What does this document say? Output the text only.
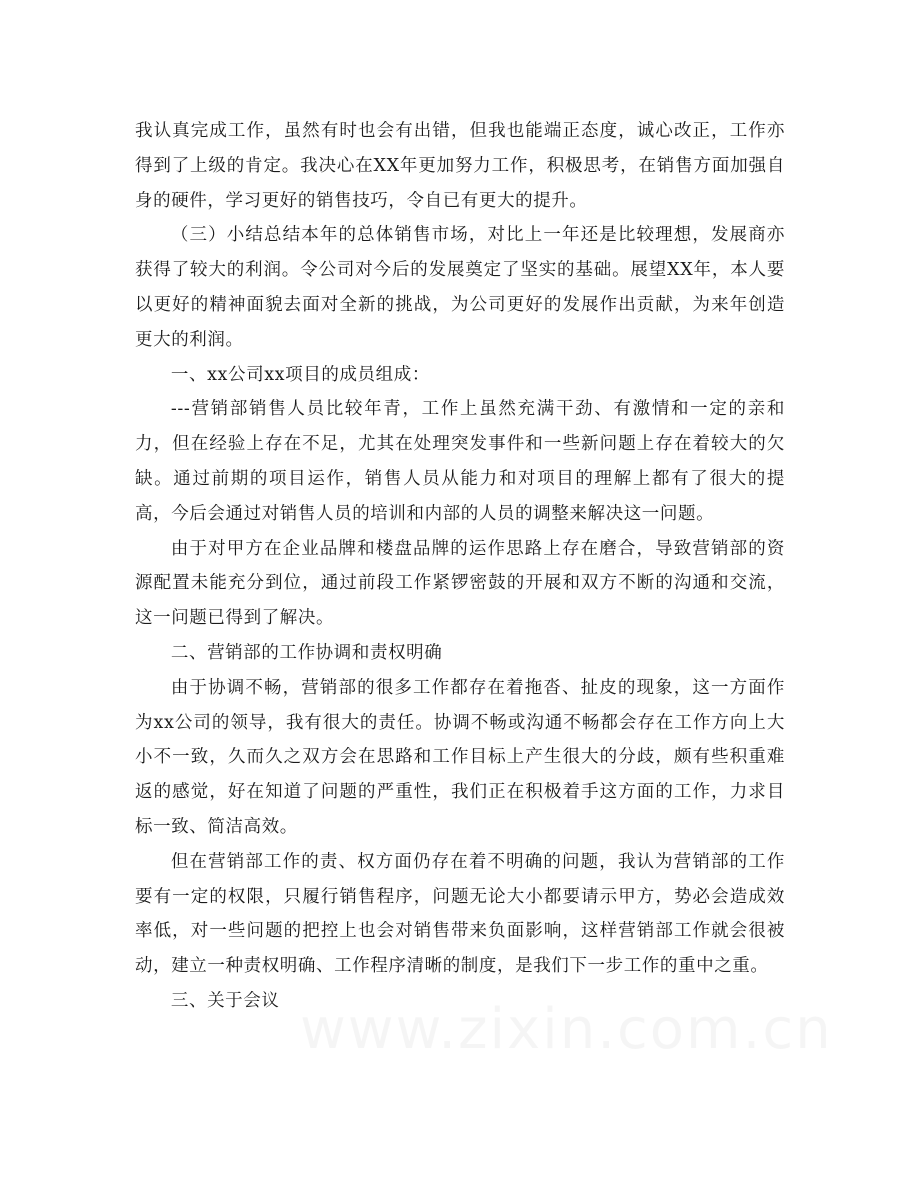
我认真完成工作，虽然有时也会有出错，但我也能端正态度，诚心改正，工作亦得到了上级的肯定。我决心在XX年更加努力工作，积极思考，在销售方面加强自身的硬件，学习更好的销售技巧，令自已有更大的提升。

（三）小结总结本年的总体销售市场，对比上一年还是比较理想，发展商亦获得了较大的利润。令公司对今后的发展奠定了坚实的基础。展望XX年，本人要以更好的精神面貌去面对全新的挑战，为公司更好的发展作出贡献，为来年创造更大的利润。

一、xx公司xx项目的成员组成：

---营销部销售人员比较年青，工作上虽然充满干劲、有激情和一定的亲和力，但在经验上存在不足，尤其在处理突发事件和一些新问题上存在着较大的欠缺。通过前期的项目运作，销售人员从能力和对项目的理解上都有了很大的提高，今后会通过对销售人员的培训和内部的人员的调整来解决这一问题。

由于对甲方在企业品牌和楼盘品牌的运作思路上存在磨合，导致营销部的资源配置未能充分到位，通过前段工作紧锣密鼓的开展和双方不断的沟通和交流，这一问题已得到了解决。

二、营销部的工作协调和责权明确

由于协调不畅，营销部的很多工作都存在着拖沓、扯皮的现象，这一方面作为xx公司的领导，我有很大的责任。协调不畅或沟通不畅都会存在工作方向上大小不一致，久而久之双方会在思路和工作目标上产生很大的分歧，颇有些积重难返的感觉，好在知道了问题的严重性，我们正在积极着手这方面的工作，力求目标一致、简洁高效。

但在营销部工作的责、权方面仍存在着不明确的问题，我认为营销部的工作要有一定的权限，只履行销售程序，问题无论大小都要请示甲方，势必会造成效率低，对一些问题的把控上也会对销售带来负面影响，这样营销部工作就会很被动，建立一种责权明确、工作程序清晰的制度，是我们下一步工作的重中之重。

三、关于会议
